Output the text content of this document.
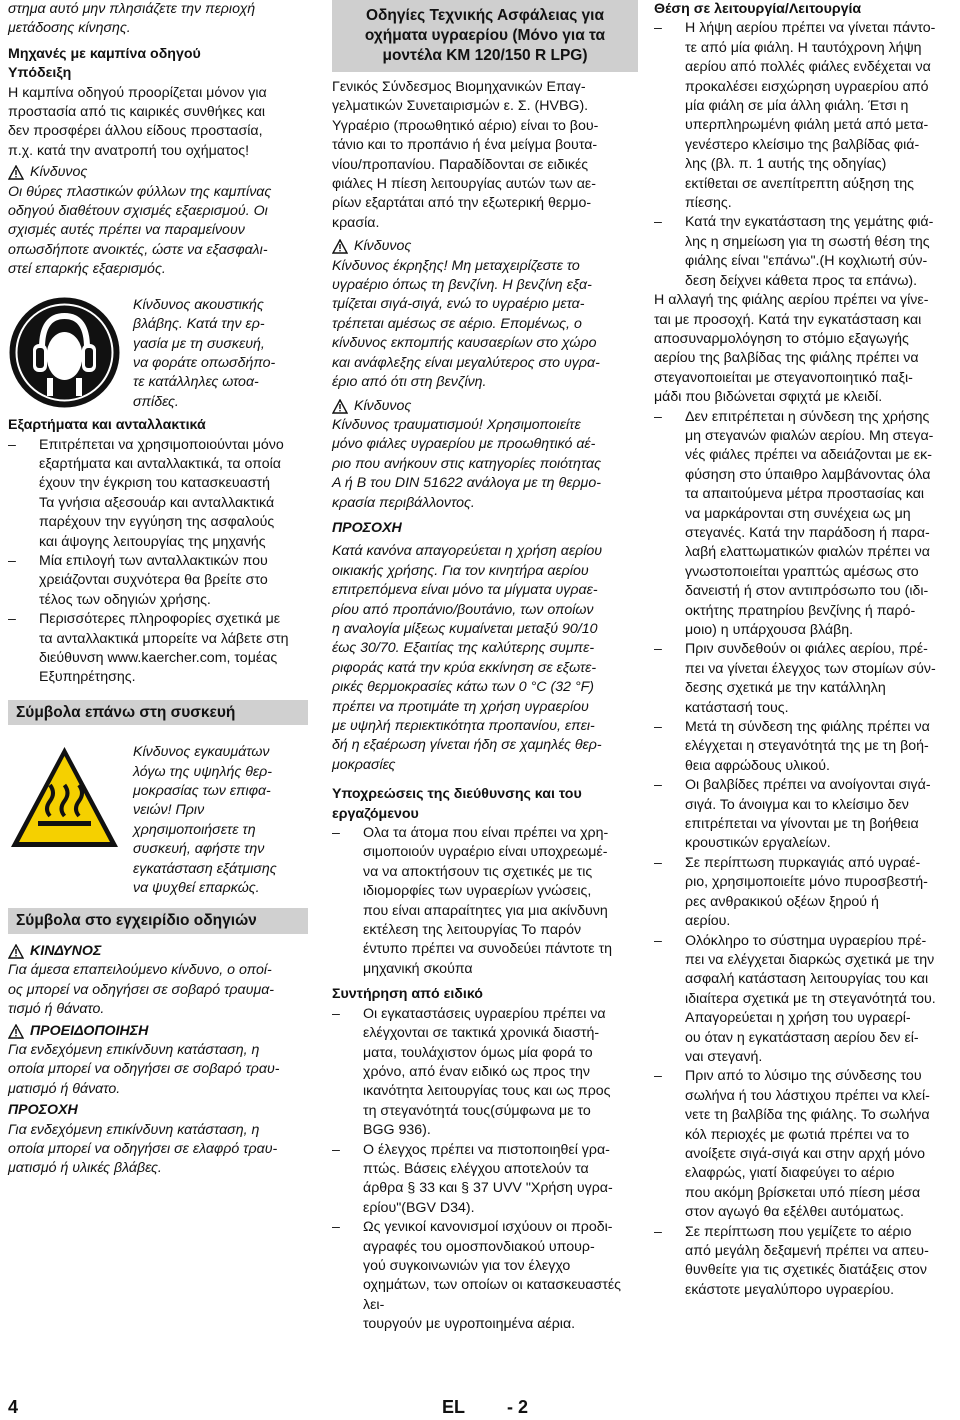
στημα αυτό μην πλησιάζετε την περιοχή
μετάδοσης κίνησης.

Μηχανές με καμπίνα οδηγού

Υπόδειξη

Η καμπίνα οδηγού προορίζεται μόνον για
προστασία από τις καιρικές συνθήκες και
δεν προσφέρει άλλου είδους προστασία,
π.χ. κατά την ανατροπή του οχήματος!

Κίνδυνος

Οι θύρες πλαστικών φύλλων της καμπίνας
οδηγού διαθέτουν σχισμές εξαερισμού. Οι
σχισμές αυτές πρέπει να παραμείνουν
οπωσδήποτε ανοικτές, ώστε να εξασφαλι-
στεί επαρκής εξαερισμός.

Κίνδυνος ακουστικής
βλάβης. Κατά την ερ-
γασία με τη συσκευή,
να φοράτε οπωσδήπο-
τε κατάλληλες ωτοα-
σπίδες.

Εξαρτήματα και ανταλλακτικά

– Επιτρέπεται να χρησιμοποιούνται μόνο
εξαρτήματα και ανταλλακτικά, τα οποία
έχουν την έγκριση του κατασκευαστή
Τα γνήσια αξεσουάρ και ανταλλακτικά
παρέχουν την εγγύηση της ασφαλούς
και άψογης λειτουργίας της μηχανής
– Μία επιλογή των ανταλλακτικών που
χρειάζονται συχνότερα θα βρείτε στο
τέλος των οδηγιών χρήσης.
– Περισσότερες πληροφορίες σχετικά με
τα ανταλλακτικά μπορείτε να λάβετε στη
διεύθυνση www.kaercher.com, τομέας
Εξυπηρέτησης.
Σύμβολα επάνω στη συσκευή

Κίνδυνος εγκαυμάτων
λόγω της υψηλής θερ-
μοκρασίας των επιφα-
νειών! Πριν
χρησιμοποιήσετε τη
συσκευή, αφήστε την
εγκατάσταση εξάτμισης
να ψυχθεί επαρκώς.

Σύμβολα στο εγχειρίδιο οδηγιών
ΚΙΝΔΥΝΟΣ

Για άμεσα επαπειλούμενο κίνδυνο, ο οποί-
ος μπορεί να οδηγήσει σε σοβαρό τραυμα-
τισμό ή θάνατο.

ΠΡΟΕΙΔΟΠΟΙΗΣΗ

Για ενδεχόμενη επικίνδυνη κατάσταση, η
οποία μπορεί να οδηγήσει σε σοβαρό τραυ-
ματισμό ή θάνατο.

ΠΡΟΣΟΧΗ

Για ενδεχόμενη επικίνδυνη κατάσταση, η
οποία μπορεί να οδηγήσει σε ελαφρό τραυ-
ματισμό ή υλικές βλάβες.

Οδηγίες Τεχνικής Ασφάλειας για
οχήματα υγραερίου (Μόνο για τα
μοντέλα KM 120/150 R LPG)

Γενικός Σύνδεσμος Βιομηχανικών Επαγ-
γελματικών Συνεταιρισμών ε. Σ. (HVBG).
Υγραέριο (προωθητικό αέριο) είναι το βου-
τάνιο και το προπάνιο ή ένα μείγμα βουτα-
νίου/προπανίου. Παραδίδονται σε ειδικές
φιάλες Η πίεση λειτουργίας αυτών των αε-
ρίων εξαρτάται από την εξωτερική θερμο-
κρασία.

Κίνδυνος

Κίνδυνος έκρηξης! Μη μεταχειρίζεστε το
υγραέριο όπως τη βενζίνη. Η βενζίνη εξα-
τμίζεται σιγά-σιγά, ενώ το υγραέριο μετα-
τρέπεται αμέσως σε αέριο. Επομένως, ο
κίνδυνος εκπομπής καυσαερίων στο χώρο
και ανάφλεξης είναι μεγαλύτερος στο υγρα-
έριο από ότι στη βενζίνη.

Κίνδυνος

Κίνδυνος τραυματισμού! Χρησιμοποιείτε
μόνο φιάλες υγραερίου με προωθητικό αέ-
ριο που ανήκουν στις κατηγορίες ποιότητας
A ή B του DIN 51622 ανάλογα με τη θερμο-
κρασία περιβάλλοντος.

ΠΡΟΣΟΧΗ

Κατά κανόνα απαγορεύεται η χρήση αερίου
οικιακής χρήσης. Για τον κινητήρα αερίου
επιτρεπόμενα είναι μόνο τα μίγματα υγραε-
ρίου από προπάνιο/βουτάνιο, των οποίων
η αναλογία μίξεως κυμαίνεται μεταξύ 90/10
έως 30/70. Εξαιτίας της καλύτερης συμπε-
ριφοράς κατά την κρύα εκκίνηση σε εξωτε-
ρικές θερμοκρασίες κάτω των 0 °C (32 °F)
πρέπει να προτιμάte τη χρήση υγραερίου
με υψηλή περιεκτικότητα προπανίου, επει-
δή η εξαέρωση γίνεται ήδη σε χαμηλές θερ-
μοκρασίες

Υποχρεώσεις της διεύθυνσης και του
εργαζόμενου

– Ολα τα άτομα που είναι πρέπει να χρη-
σιμοποιούν υγραέριο είναι υποχρεωμέ-
να να αποκτήσουν τις σχετικές με τις
ιδιομορφίες των υγραερίων γνώσεις,
που είναι απαραίτητες για μια ακίνδυνη
εκτέλεση της λειτουργίας Το παρόν
έντυπο πρέπει να συνοδεύει πάντοτε τη
μηχανική σκούπα

Συντήρηση από ειδικό

– Οι εγκαταστάσεις υγραερίου πρέπει να
ελέγχονται σε τακτικά χρονικά διαστή-
ματα, τουλάχιστον όμως μία φορά το
χρόνο, από έναν ειδικό ως προς την
ικανότητα λειτουργίας τους και ως προς
τη στεγανότητά τους(σύμφωνα με το
BGG 936).
– Ο έλεγχος πρέπει να πιστοποιηθεί γρα-
πτώς. Βάσεις ελέγχου αποτελούν τα
άρθρα § 33 και § 37 UVV "Χρήση υγρα-
ερίου"(BGV D34).
– Ως γενικοί κανονισμοί ισχύουν οι προδι-
αγραφές του ομοσπονδιακού υπουρ-
γού συγκοινωνιών για τον έλεγχο
οχημάτων, των οποίων οι κατασκευαστές λει-
τουργούν με υγροποιημένα αέρια.

Θέση σε λειτουργία/Λειτουργία

– Η λήψη αερίου πρέπει να γίνεται πάντο-
τε από μία φιάλη. Η ταυτόχρονη λήψη
αερίου από πολλές φιάλες ενδέχεται να
προκαλέσει εισχώρηση υγραερίου από
μία φιάλη σε μία άλλη φιάλη. Έτσι η
υπερπληρωμένη φιάλη μετά από μετα-
γενέστερο κλείσιμο της βαλβίδας φιά-
λης (βλ. π. 1 αυτής της οδηγίας)
εκτίθεται σε ανεπίτρεπτη αύξηση της
πίεσης.
– Κατά την εγκατάσταση της γεμάτης φιά-
λης η σημείωση για τη σωστή θέση της
φιάλης είναι "επάνω".(Η κοχλιωτή σύν-
δεση δείχνει κάθετα προς τα επάνω).

Η αλλαγή της φιάλης αερίου πρέπει να γίνε-
ται με προσοχή. Κατά την εγκατάσταση και
αποσυναρμολόγηση το στόμιο εξαγωγής
αερίου της βαλβίδας της φιάλης πρέπει να
στεγανοποιείται με στεγανοποιητικό παξι-
μάδι που βιδώνεται σφιχτά με κλειδί.

– Δεν επιτρέπεται η σύνδεση της χρήσης
μη στεγανών φιαλών αερίου. Μη στεγα-
νές φιάλες πρέπει να αδειάζονται με εκ-
φύσηση στο ύπαιθρο λαμβάνοντας όλα
τα απαιτούμενα μέτρα προστασίας και
να μαρκάρονται στη συνέχεια ως μη
στεγανές. Κατά την παράδοση ή παρα-
λαβή ελαττωματικών φιαλών πρέπει να
γνωστοποιείται γραπτώς αμέσως στο
δανειστή ή στον αντιπρόσωπο του (ιδι-
οκτήτης πρατηρίου βενζίνης ή παρό-
μοιο) η υπάρχουσα βλάβη.
– Πριν συνδεθούν οι φιάλες αερίου, πρέ-
πει να γίνεται έλεγχος των στομίων σύν-
δεσης σχετικά με την κατάλληλη
κατάστασή τους.
– Μετά τη σύνδεση της φιάλης πρέπει να
ελέγχεται η στεγανότητά της με τη βοή-
θεια αφρώδους υλικού.
– Οι βαλβίδες πρέπει να ανοίγονται σιγά-
σιγά. Το άνοιγμα και το κλείσιμο δεν
επιτρέπεται να γίνονται με τη βοήθεια
κρουστικών εργαλείων.
– Σε περίπτωση πυρκαγιάς από υγραέ-
ριο, χρησιμοποιείτε μόνο πυροσβεστή-
ρες ανθρακικού οξέων ξηρού ή
αερίου.
– Ολόκληρο το σύστημα υγραερίου πρέ-
πει να ελέγχεται διαρκώς σχετικά με την
ασφαλή κατάσταση λειτουργίας του και
ιδιαίτερα σχετικά με τη στεγανότητά του.
Απαγορεύεται η χρήση του υγραερί-
ου όταν η εγκατάσταση αερίου δεν εί-
ναι στεγανή.
– Πριν από το λύσιμο της σύνδεσης του
σωλήνα ή του λάστιχου πρέπει να κλεί-
νετε τη βαλβίδα της φιάλης. Το σωλήνα
κόλ περιοχές με φωτιά πρέπει να το
ανοίξετε σιγά-σιγά και στην αρχή μόνο
ελαφρώς, γιατί διαφεύγει το αέριο
που ακόμη βρίσκεται υπό πίεση μέσα
στον αγωγό θα εξέλθει αυτόματως.
– Σε περίπτωση που γεμίζετε το αέριο
από μεγάλη δεξαμενή πρέπει να απευ-
θυνθείτε για τις σχετικές διατάξεις στον
εκάστοτε μεγαλύπορο υγραερίου.
4	EL - 2
